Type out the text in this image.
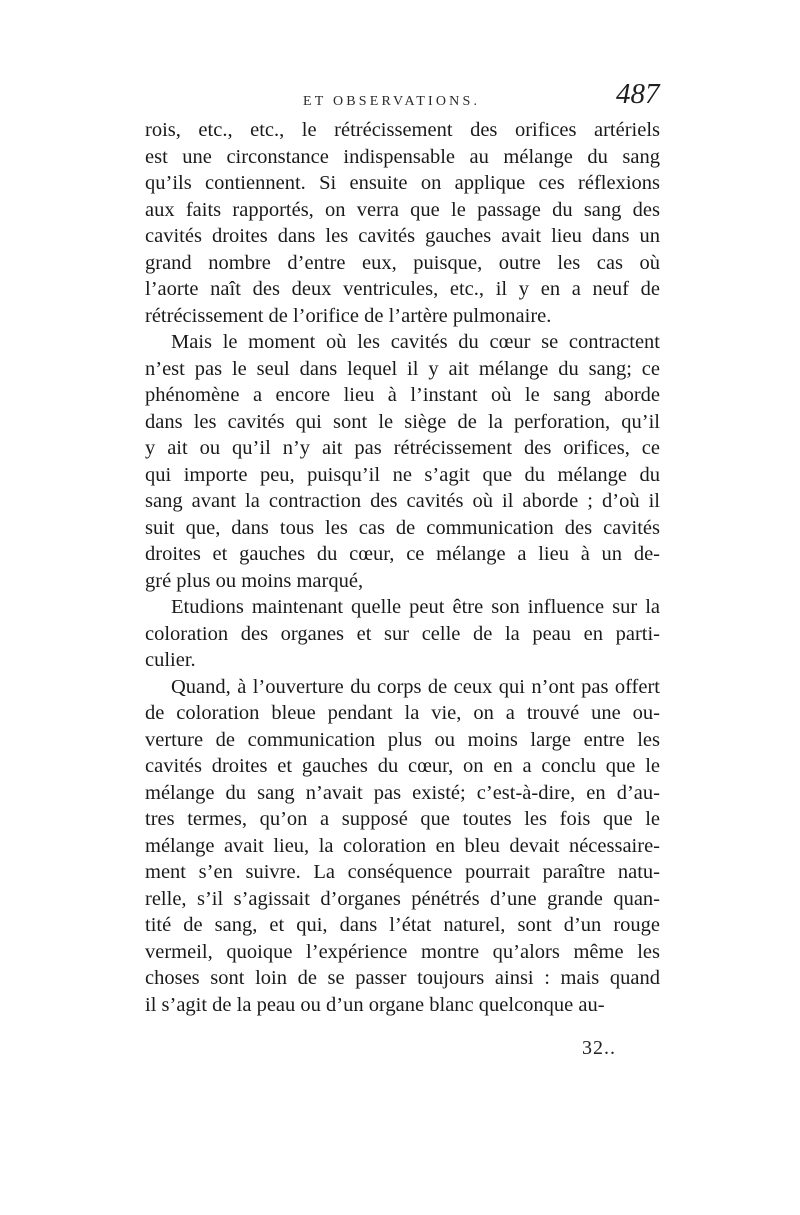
ET OBSERVATIONS.	487
rois, etc., etc., le rétrécissement des orifices artériels
est une circonstance indispensable au mélange du sang
qu’ils contiennent. Si ensuite on applique ces réflexions
aux faits rapportés, on verra que le passage du sang des
cavités droites dans les cavités gauches avait lieu dans un
grand nombre d’entre eux, puisque, outre les cas où
l’aorte naît des deux ventricules, etc., il y en a neuf de
rétrécissement de l’orifice de l’artère pulmonaire.
Mais le moment où les cavités du cœur se contractent
n’est pas le seul dans lequel il y ait mélange du sang; ce
phénomène a encore lieu à l’instant où le sang aborde
dans les cavités qui sont le siège de la perforation, qu’il
y ait ou qu’il n’y ait pas rétrécissement des orifices, ce
qui importe peu, puisqu’il ne s’agit que du mélange du
sang avant la contraction des cavités où il aborde ; d’où il
suit que, dans tous les cas de communication des cavités
droites et gauches du cœur, ce mélange a lieu à un de-
gré plus ou moins marqué,
Etudions maintenant quelle peut être son influence sur la
coloration des organes et sur celle de la peau en parti-
culier.
Quand, à l’ouverture du corps de ceux qui n’ont pas offert
de coloration bleue pendant la vie, on a trouvé une ou-
verture de communication plus ou moins large entre les
cavités droites et gauches du cœur, on en a conclu que le
mélange du sang n’avait pas existé; c’est-à-dire, en d’au-
tres termes, qu’on a supposé que toutes les fois que le
mélange avait lieu, la coloration en bleu devait nécessaire-
ment s’en suivre. La conséquence pourrait paraître natu-
relle, s’il s’agissait d’organes pénétrés d’une grande quan-
tité de sang, et qui, dans l’état naturel, sont d’un rouge
vermeil, quoique l’expérience montre qu’alors même les
choses sont loin de se passer toujours ainsi : mais quand
il s’agit de la peau ou d’un organe blanc quelconque au-
32..
